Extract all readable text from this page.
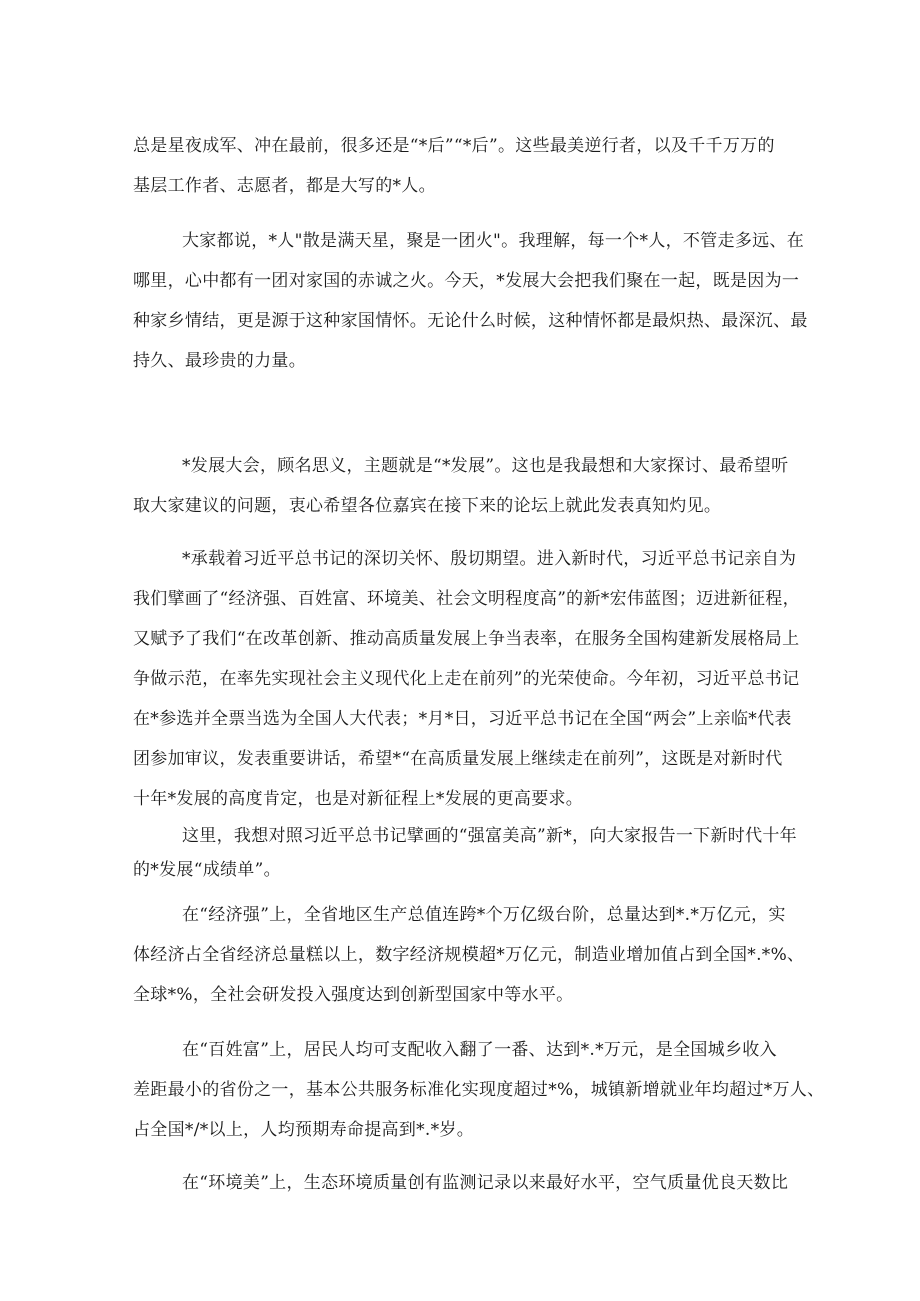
总是星夜成军、冲在最前，很多还是“*后”“*后”。这些最美逆行者，以及千千万万的
基层工作者、志愿者，都是大写的*人。

大家都说，*人"散是满天星，聚是一团火"。我理解，每一个*人，不管走多远、在
哪里，心中都有一团对家国的赤诚之火。今天，*发展大会把我们聚在一起，既是因为一
种家乡情结，更是源于这种家国情怀。无论什么时候，这种情怀都是最炽热、最深沉、最
持久、最珍贵的力量。

*发展大会，顾名思义，主题就是“*发展”。这也是我最想和大家探讨、最希望听
取大家建议的问题，衷心希望各位嘉宾在接下来的论坛上就此发表真知灼见。

*承载着习近平总书记的深切关怀、殷切期望。进入新时代，习近平总书记亲自为
我们擘画了“经济强、百姓富、环境美、社会文明程度高”的新*宏伟蓝图；迈进新征程，
又赋予了我们“在改革创新、推动高质量发展上争当表率，在服务全国构建新发展格局上
争做示范，在率先实现社会主义现代化上走在前列”的光荣使命。今年初，习近平总书记
在*参选并全票当选为全国人大代表；*月*日，习近平总书记在全国“两会”上亲临*代表
团参加审议，发表重要讲话，希望*“在高质量发展上继续走在前列”，这既是对新时代
十年*发展的高度肯定，也是对新征程上*发展的更高要求。

这里，我想对照习近平总书记擘画的“强富美高”新*，向大家报告一下新时代十年
的*发展“成绩单”。

在“经济强”上，全省地区生产总值连跨*个万亿级台阶，总量达到*.*万亿元，实
体经济占全省经济总量糕以上，数字经济规模超*万亿元，制造业增加值占到全国*.*%、
全球*%，全社会研发投入强度达到创新型国家中等水平。

在“百姓富”上，居民人均可支配收入翻了一番、达到*.*万元，是全国城乡收入
差距最小的省份之一，基本公共服务标准化实现度超过*%，城镇新增就业年均超过*万人、
占全国*/*以上，人均预期寿命提高到*.*岁。

在“环境美”上，生态环境质量创有监测记录以来最好水平，空气质量优良天数比
